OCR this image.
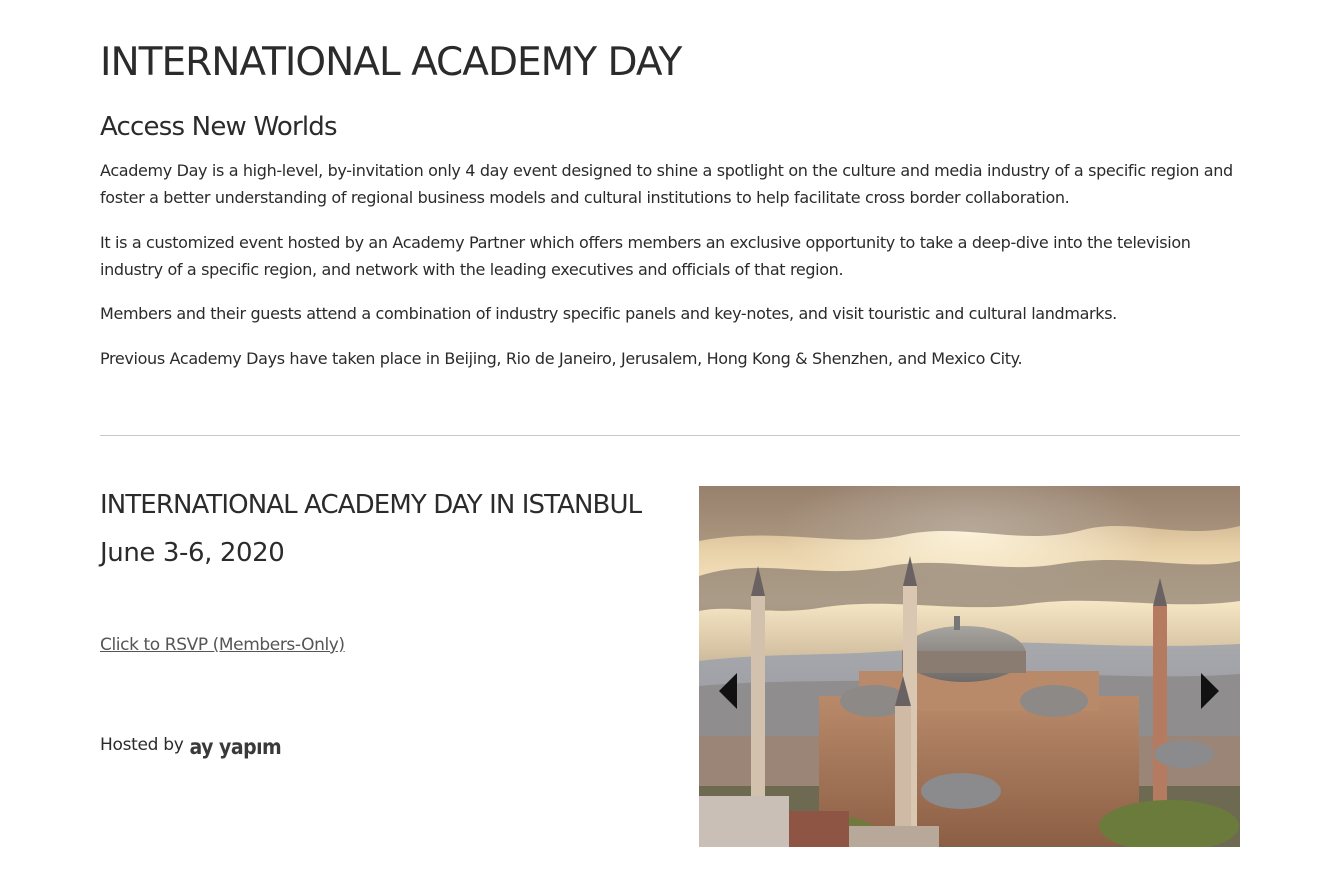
INTERNATIONAL ACADEMY DAY
Access New Worlds

Academy Day is a high-level, by-invitation only 4 day event designed to shine a spotlight on the culture and media industry of a specific region and foster a better understanding of regional business models and cultural institutions to help facilitate cross border collaboration.

It is a customized event hosted by an Academy Partner which offers members an exclusive opportunity to take a deep-dive into the television industry of a specific region, and network with the leading executives and officials of that region.

Members and their guests attend a combination of industry specific panels and key-notes, and visit touristic and cultural landmarks.

Previous Academy Days have taken place in Beijing, Rio de Janeiro, Jerusalem, Hong Kong & Shenzhen, and Mexico City.

INTERNATIONAL ACADEMY DAY IN ISTANBUL
June 3-6, 2020
Click to RSVP (Members-Only)
Hosted by ay yapım
